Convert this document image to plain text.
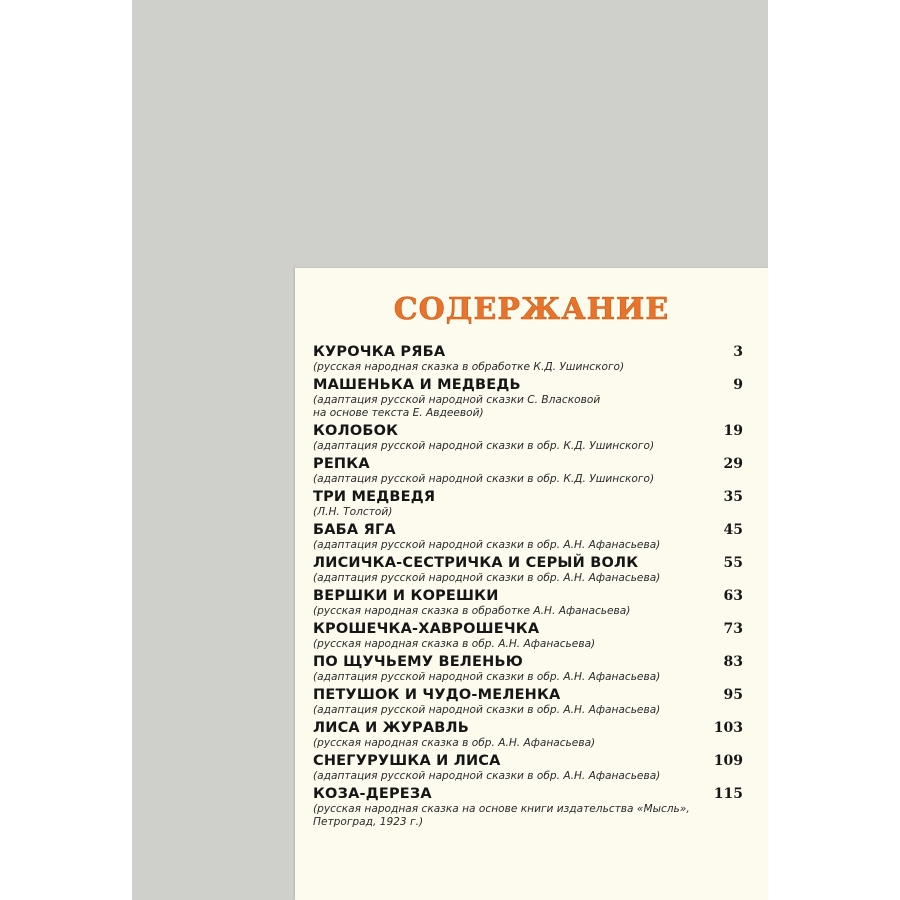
СОДЕРЖАНИЕ
КУРОЧКА РЯБА
(русская народная сказка в обработке К.Д. Ушинского)
3
МАШЕНЬКА И МЕДВЕДЬ
(адаптация русской народной сказки С. Власковой
на основе текста Е. Авдеевой)
9
КОЛОБОК
(адаптация русской народной сказки в обр. К.Д. Ушинского)
19
РЕПКА
(адаптация русской народной сказки в обр. К.Д. Ушинского)
29
ТРИ МЕДВЕДЯ
(Л.Н. Толстой)
35
БАБА ЯГА
(адаптация русской народной сказки в обр. А.Н. Афанасьева)
45
ЛИСИЧКА-СЕСТРИЧКА И СЕРЫЙ ВОЛК
(адаптация русской народной сказки в обр. А.Н. Афанасьева)
55
ВЕРШКИ И КОРЕШКИ
(русская народная сказка в обработке А.Н. Афанасьева)
63
КРОШЕЧКА-ХАВРОШЕЧКА
(русская народная сказка в обр. А.Н. Афанасьева)
73
ПО ЩУЧЬЕМУ ВЕЛЕНЬЮ
(адаптация русской народной сказки в обр. А.Н. Афанасьева)
83
ПЕТУШОК И ЧУДО-МЕЛЕНКА
(адаптация русской народной сказки в обр. А.Н. Афанасьева)
95
ЛИСА И ЖУРАВЛЬ
(русская народная сказка в обр. А.Н. Афанасьева)
103
СНЕГУРУШКА И ЛИСА
(адаптация русской народной сказки в обр. А.Н. Афанасьева)
109
КОЗА-ДЕРЕЗА
(русская народная сказка на основе книги издательства «Мысль»,
Петроград, 1923 г.)
115
